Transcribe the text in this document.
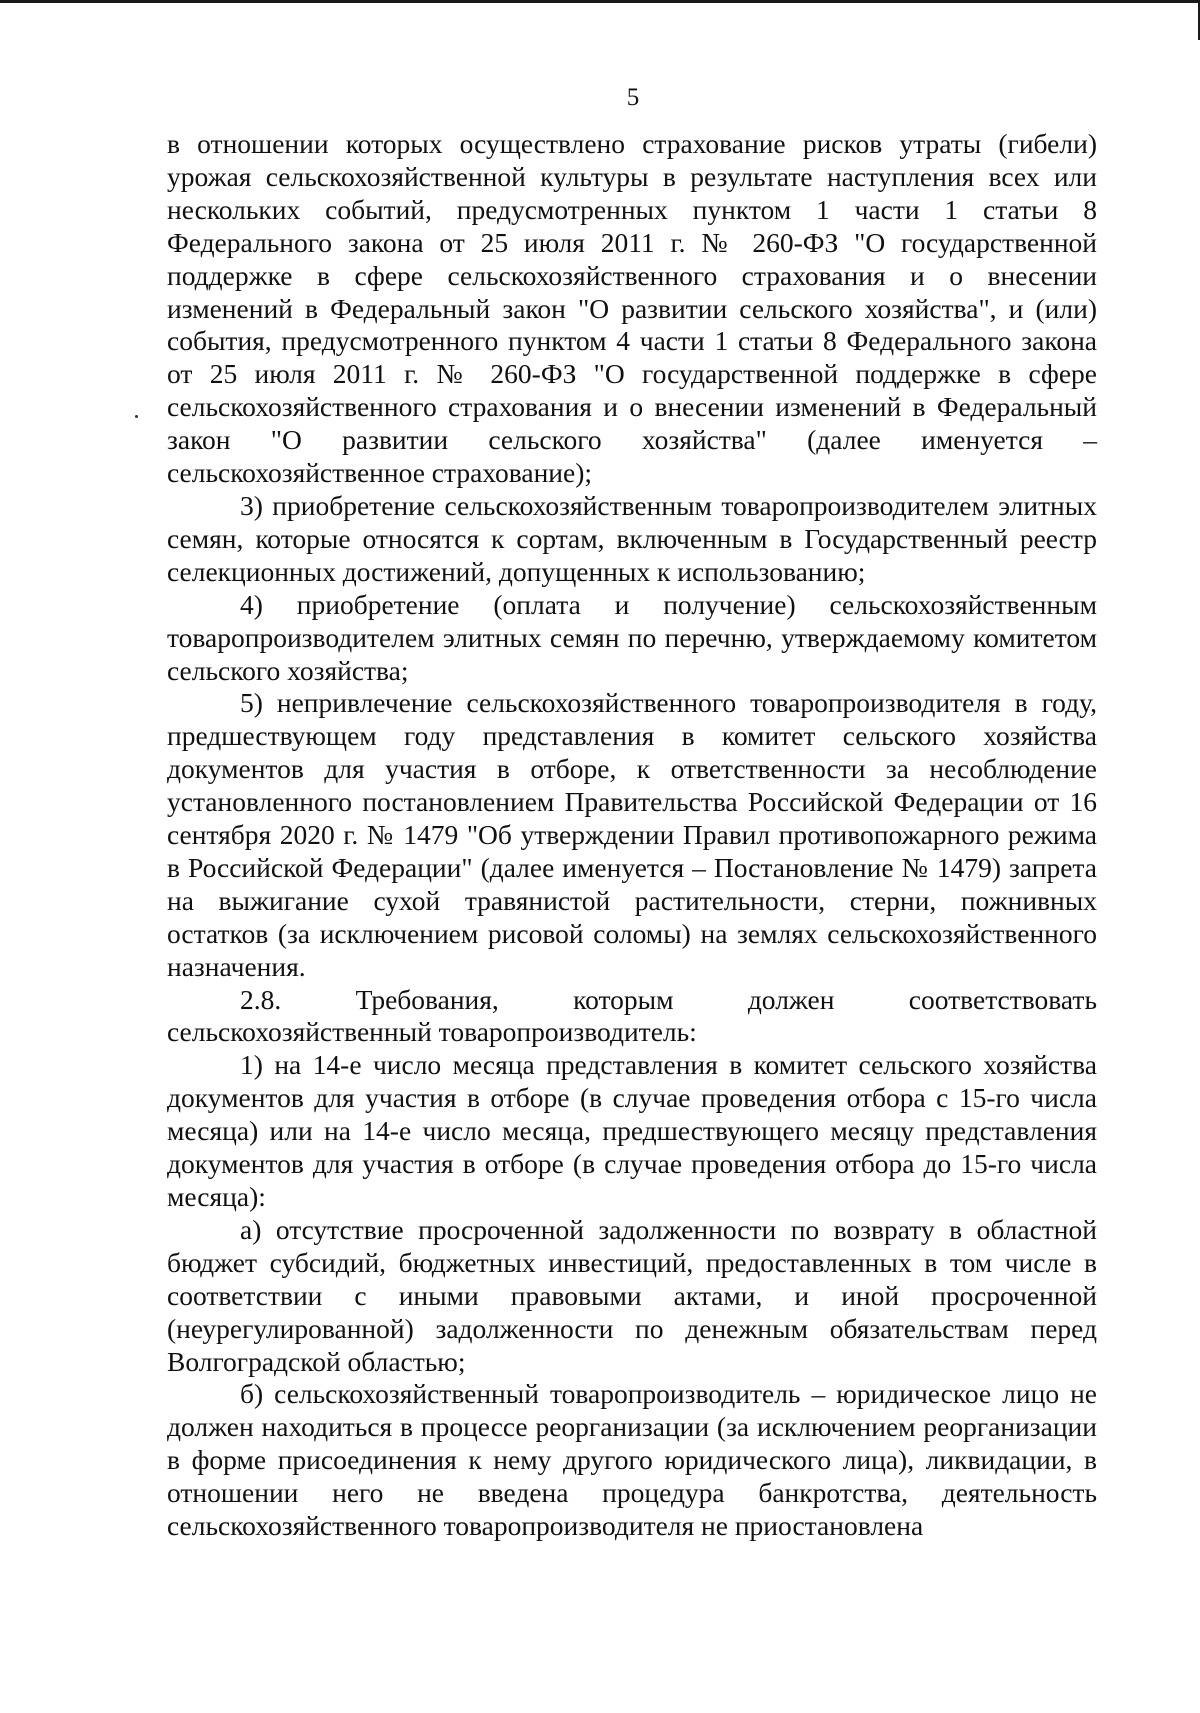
5

в отношении которых осуществлено страхование рисков утраты (гибели) урожая сельскохозяйственной культуры в результате наступления всех или нескольких событий, предусмотренных пунктом 1 части 1 статьи 8 Федерального закона от 25 июля 2011 г. № 260-ФЗ "О государственной поддержке в сфере сельскохозяйственного страхования и о внесении изменений в Федеральный закон "О развитии сельского хозяйства", и (или) события, предусмотренного пунктом 4 части 1 статьи 8 Федерального закона от 25 июля 2011 г. № 260-ФЗ "О государственной поддержке в сфере сельскохозяйственного страхования и о внесении изменений в Федеральный закон "О развитии сельского хозяйства" (далее именуется – сельскохозяйственное страхование);

3) приобретение сельскохозяйственным товаропроизводителем элитных семян, которые относятся к сортам, включенным в Государственный реестр селекционных достижений, допущенных к использованию;

4) приобретение (оплата и получение) сельскохозяйственным товаропроизводителем элитных семян по перечню, утверждаемому комитетом сельского хозяйства;

5) непривлечение сельскохозяйственного товаропроизводителя в году, предшествующем году представления в комитет сельского хозяйства документов для участия в отборе, к ответственности за несоблюдение установленного постановлением Правительства Российской Федерации от 16 сентября 2020 г. № 1479 "Об утверждении Правил противопожарного режима в Российской Федерации" (далее именуется – Постановление № 1479) запрета на выжигание сухой травянистой растительности, стерни, пожнивных остатков (за исключением рисовой соломы) на землях сельскохозяйственного назначения.

2.8. Требования, которым должен соответствовать сельскохозяйственный товаропроизводитель:

1) на 14-е число месяца представления в комитет сельского хозяйства документов для участия в отборе (в случае проведения отбора с 15-го числа месяца) или на 14-е число месяца, предшествующего месяцу представления документов для участия в отборе (в случае проведения отбора до 15-го числа месяца):

а) отсутствие просроченной задолженности по возврату в областной бюджет субсидий, бюджетных инвестиций, предоставленных в том числе в соответствии с иными правовыми актами, и иной просроченной (неурегулированной) задолженности по денежным обязательствам перед Волгоградской областью;

б) сельскохозяйственный товаропроизводитель – юридическое лицо не должен находиться в процессе реорганизации (за исключением реорганизации в форме присоединения к нему другого юридического лица), ликвидации, в отношении него не введена процедура банкротства, деятельность сельскохозяйственного товаропроизводителя не приостановлена
